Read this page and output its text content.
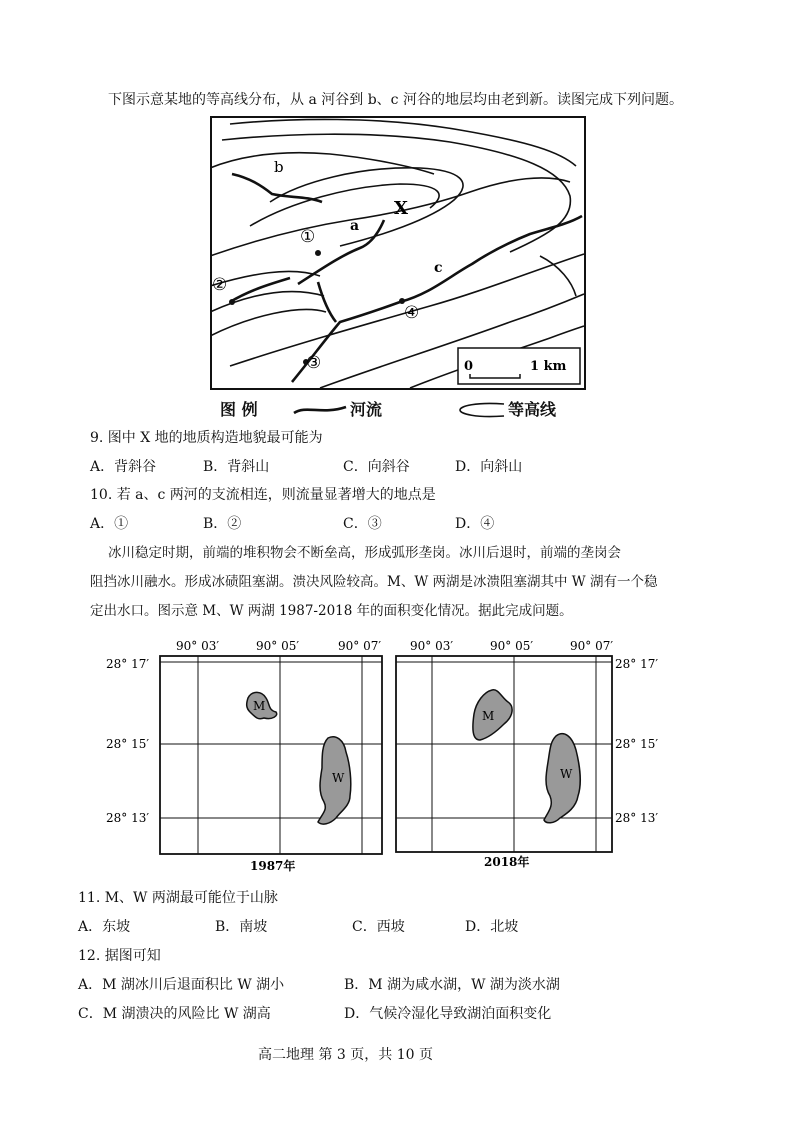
下图示意某地的等高线分布，从 a 河谷到 b、c 河谷的地层均由老到新。读图完成下列问题。
b
X
a
c
①
②
③
④
0	1 km
图 例	河流	等高线
9. 图中 X 地的地质构造地貌最可能为
A．背斜谷	B．背斜山	C．向斜谷	D．向斜山
10. 若 a、c 两河的支流相连，则流量显著增大的地点是
A．①	B．②	C．③	D．④
冰川稳定时期，前端的堆积物会不断垒高，形成弧形垄岗。冰川后退时，前端的垄岗会
阻挡冰川融水。形成冰碛阻塞湖。溃决风险较高。M、W 两湖是冰溃阻塞湖其中 W 湖有一个稳
定出水口。图示意 M、W 两湖 1987-2018 年的面积变化情况。据此完成问题。
90° 03′	90° 05′	90° 07′ 90° 03′	90° 05′	90° 07′
28° 17′
28° 15′
28° 13′
28° 17′
28° 15′
28° 13′
M
W
1987年
M
W
2018年
11. M、W 两湖最可能位于山脉
A．东坡	B．南坡	C．西坡	D．北坡
12. 据图可知
A．M 湖冰川后退面积比 W 湖小	B．M 湖为咸水湖，W 湖为淡水湖
C．M 湖溃决的风险比 W 湖高	D．气候冷湿化导致湖泊面积变化
高二地理 第 3 页，共 10 页
